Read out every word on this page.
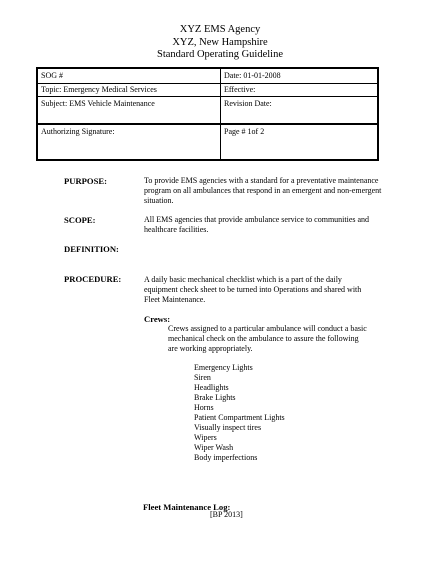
XYZ EMS Agency
XYZ, New Hampshire
Standard Operating Guideline
SOG #	Date: 01-01-2008
Topic: Emergency Medical Services	Effective:
Subject: EMS Vehicle Maintenance	Revision Date:
Authorizing Signature:	Page # 1of 2
PURPOSE:	To provide EMS agencies with a standard for a preventative maintenance
program on all ambulances that respond in an emergent and non-emergent
situation.
SCOPE:	All EMS agencies that provide ambulance service to communities and
healthcare facilities.
DEFINITION:
PROCEDURE:	A daily basic mechanical checklist which is a part of the daily
equipment check sheet to be turned into Operations and shared with
Fleet Maintenance.
Crews:
Crews assigned to a particular ambulance will conduct a basic
mechanical check on the ambulance to assure the following
are working appropriately.
Emergency Lights
Siren
Headlights
Brake Lights
Horns
Patient Compartment Lights
Visually inspect tires
Wipers
Wiper Wash
Body imperfections
Fleet Maintenance Log:
[BP 2013]
